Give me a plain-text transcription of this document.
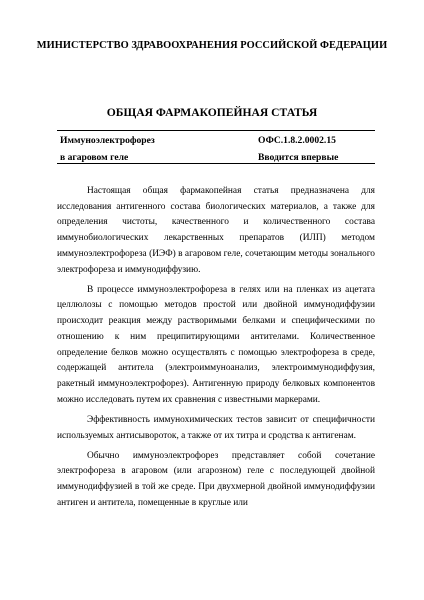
МИНИСТЕРСТВО ЗДРАВООХРАНЕНИЯ РОССИЙСКОЙ ФЕДЕРАЦИИ
ОБЩАЯ ФАРМАКОПЕЙНАЯ СТАТЬЯ
Иммуноэлектрофорез
в агаровом геле
ОФС.1.8.2.0002.15
Вводится впервые

Настоящая общая фармакопейная статья предназначена для исследования антигенного состава биологических материалов, а также для определения чистоты, качественного и количественного состава иммунобиологических лекарственных препаратов (ИЛП) методом иммуноэлектрофореза (ИЭФ) в агаровом геле, сочетающим методы зонального электрофореза и иммунодиффузию.

В процессе иммуноэлектрофореза в гелях или на пленках из ацетата целлюлозы с помощью методов простой или двойной иммунодиффузии происходит реакция между растворимыми белками и специфическими по отношению к ним преципитирующими антителами. Количественное определение белков можно осуществлять с помощью электрофореза в среде, содержащей антитела (электроиммуноанализ, электроиммунодиффузия, ракетный иммуноэлектрофорез). Антигенную природу белковых компонентов можно исследовать путем их сравнения с известными маркерами.

Эффективность иммунохимических тестов зависит от специфичности используемых антисывороток, а также от их титра и сродства к антигенам.

Обычно иммуноэлектрофорез представляет собой сочетание электрофореза в агаровом (или агарозном) геле с последующей двойной иммунодиффузией в той же среде. При двухмерной двойной иммунодиффузии антиген и антитела, помещенные в круглые или
